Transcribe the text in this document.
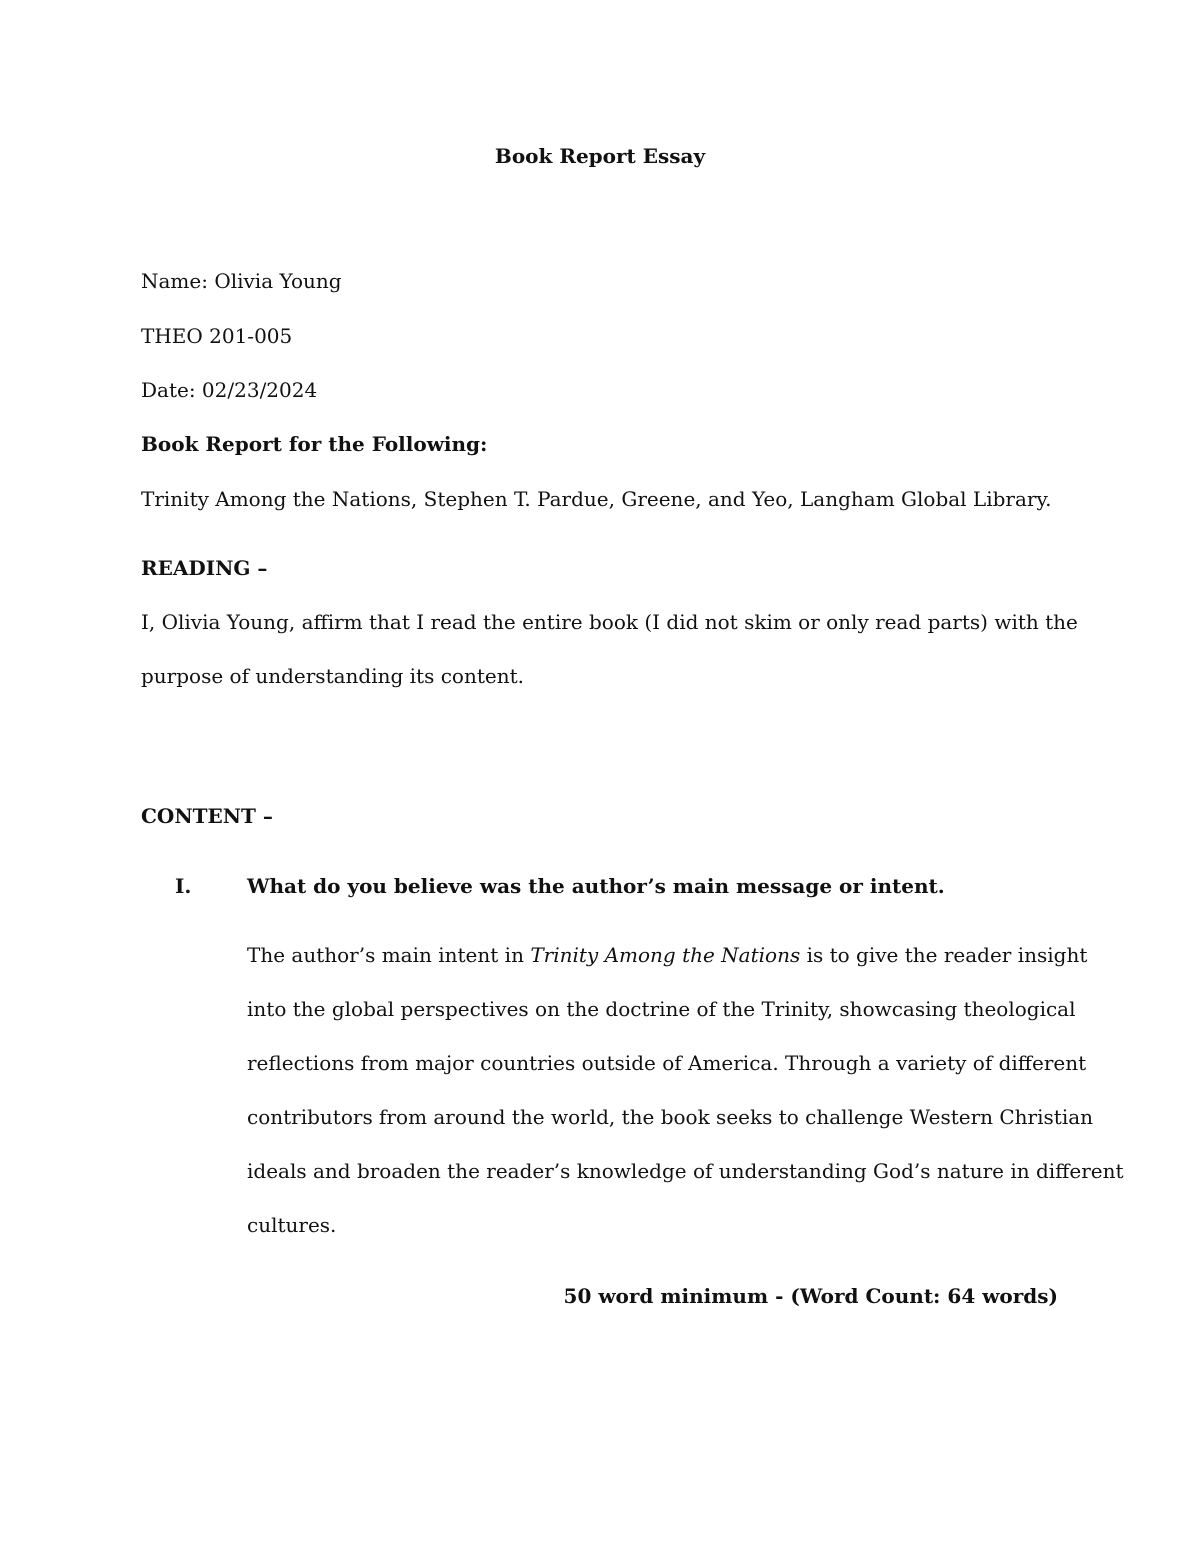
Book Report Essay
Name: Olivia Young
THEO 201-005
Date: 02/23/2024
Book Report for the Following:
Trinity Among the Nations, Stephen T. Pardue, Greene, and Yeo, Langham Global Library.
READING –
I, Olivia Young, affirm that I read the entire book (I did not skim or only read parts) with the
purpose of understanding its content.
CONTENT –
I.	What do you believe was the author’s main message or intent.
The author’s main intent in Trinity Among the Nations is to give the reader insight
into the global perspectives on the doctrine of the Trinity, showcasing theological
reflections from major countries outside of America. Through a variety of different
contributors from around the world, the book seeks to challenge Western Christian
ideals and broaden the reader’s knowledge of understanding God’s nature in different
cultures.
50 word minimum - (Word Count: 64 words)
